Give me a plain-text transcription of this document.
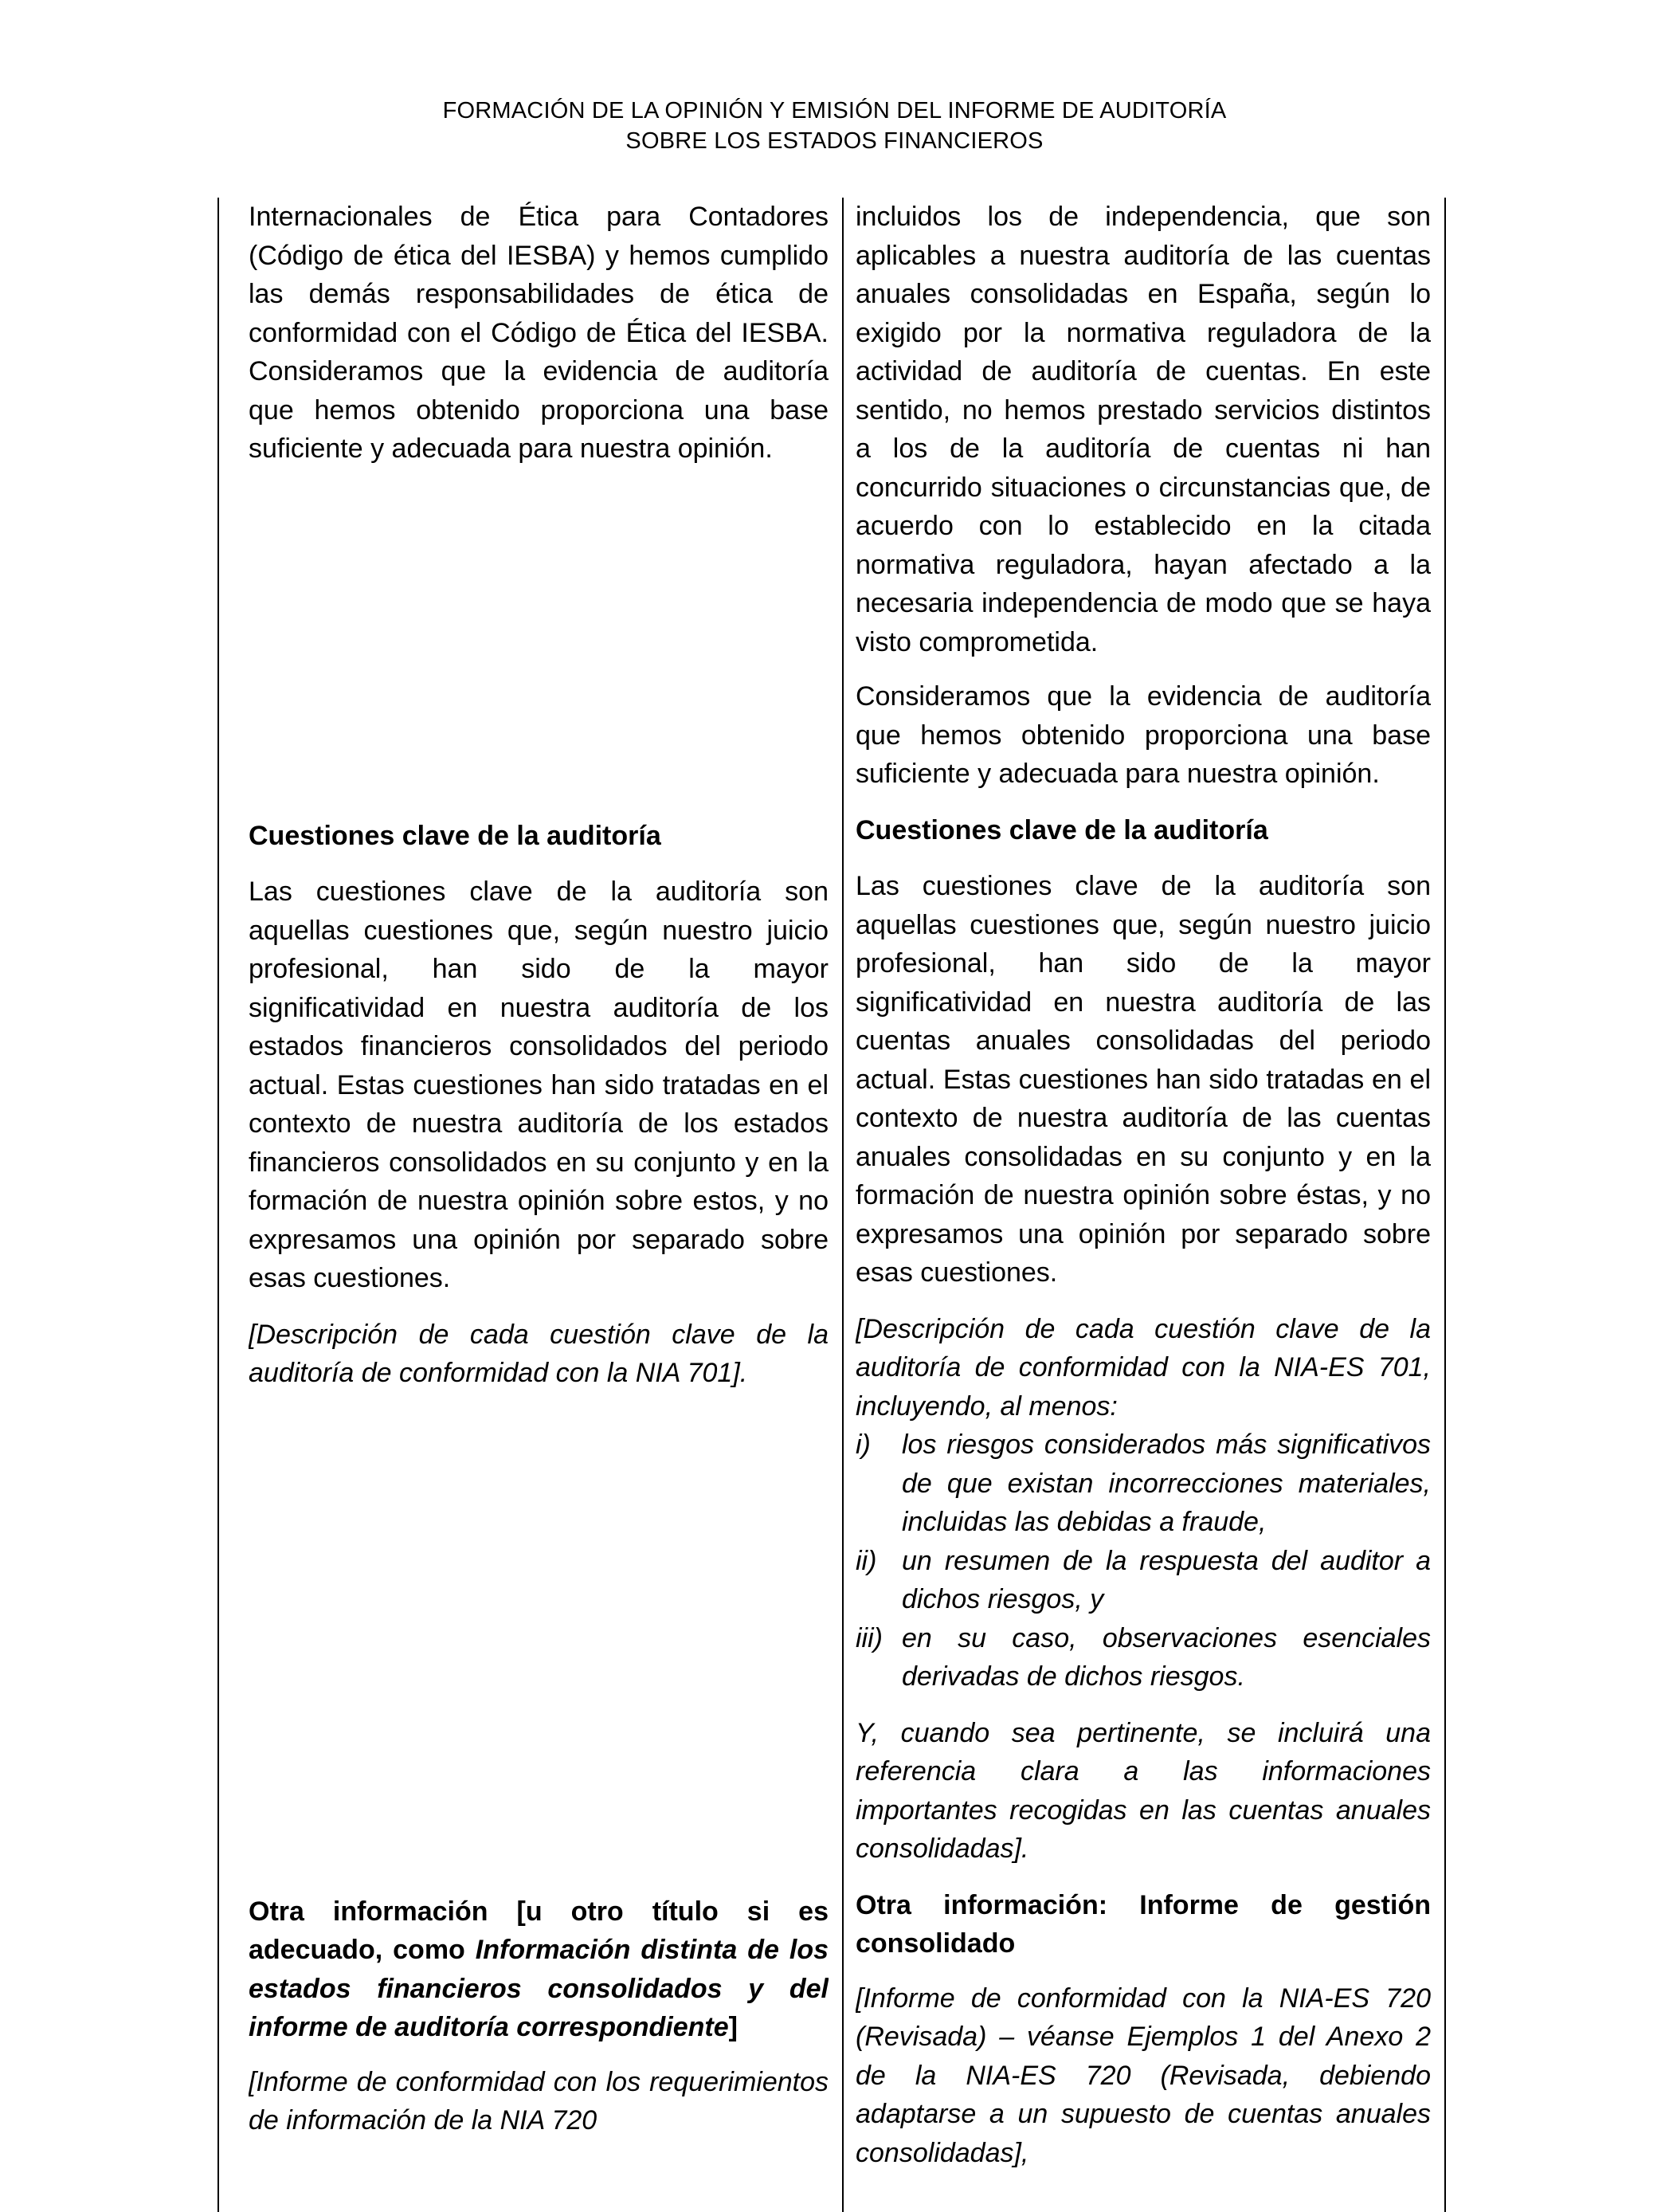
FORMACIÓN DE LA OPINIÓN Y EMISIÓN DEL INFORME DE AUDITORÍA
SOBRE LOS ESTADOS FINANCIEROS

Internacionales de Ética para Contadores (Código de ética del IESBA) y hemos cumplido las demás responsabilidades de ética de conformidad con el Código de Ética del IESBA. Consideramos que la evidencia de auditoría que hemos obtenido proporciona una base suficiente y adecuada para nuestra opinión.

Cuestiones clave de la auditoría

Las cuestiones clave de la auditoría son aquellas cuestiones que, según nuestro juicio profesional, han sido de la mayor significatividad en nuestra auditoría de los estados financieros consolidados del periodo actual. Estas cuestiones han sido tratadas en el contexto de nuestra auditoría de los estados financieros consolidados en su conjunto y en la formación de nuestra opinión sobre estos, y no expresamos una opinión por separado sobre esas cuestiones.

[Descripción de cada cuestión clave de la auditoría de conformidad con la NIA 701].

Otra información [u otro título si es adecuado, como Información distinta de los estados financieros consolidados y del informe de auditoría correspondiente]

[Informe de conformidad con los requerimientos de información de la NIA 720

incluidos los de independencia, que son aplicables a nuestra auditoría de las cuentas anuales consolidadas en España, según lo exigido por la normativa reguladora de la actividad de auditoría de cuentas. En este sentido, no hemos prestado servicios distintos a los de la auditoría de cuentas ni han concurrido situaciones o circunstancias que, de acuerdo con lo establecido en la citada normativa reguladora, hayan afectado a la necesaria independencia de modo que se haya visto comprometida.

Consideramos que la evidencia de auditoría que hemos obtenido proporciona una base suficiente y adecuada para nuestra opinión.

Cuestiones clave de la auditoría

Las cuestiones clave de la auditoría son aquellas cuestiones que, según nuestro juicio profesional, han sido de la mayor significatividad en nuestra auditoría de las cuentas anuales consolidadas del periodo actual. Estas cuestiones han sido tratadas en el contexto de nuestra auditoría de las cuentas anuales consolidadas en su conjunto y en la formación de nuestra opinión sobre éstas, y no expresamos una opinión por separado sobre esas cuestiones.

[Descripción de cada cuestión clave de la auditoría de conformidad con la NIA-ES 701, incluyendo, al menos:

i)	los riesgos considerados más significativos de que existan incorrecciones materiales, incluidas las debidas a fraude,
ii) un resumen de la respuesta del auditor a dichos riesgos, y
iii) en su caso, observaciones esenciales derivadas de dichos riesgos.

Y, cuando sea pertinente, se incluirá una referencia clara a las informaciones importantes recogidas en las cuentas anuales consolidadas].

Otra información: Informe de gestión consolidado

[Informe de conformidad con la NIA-ES 720 (Revisada) – véanse Ejemplos 1 del Anexo 2 de la NIA-ES 720 (Revisada, debiendo adaptarse a un supuesto de cuentas anuales consolidadas],
